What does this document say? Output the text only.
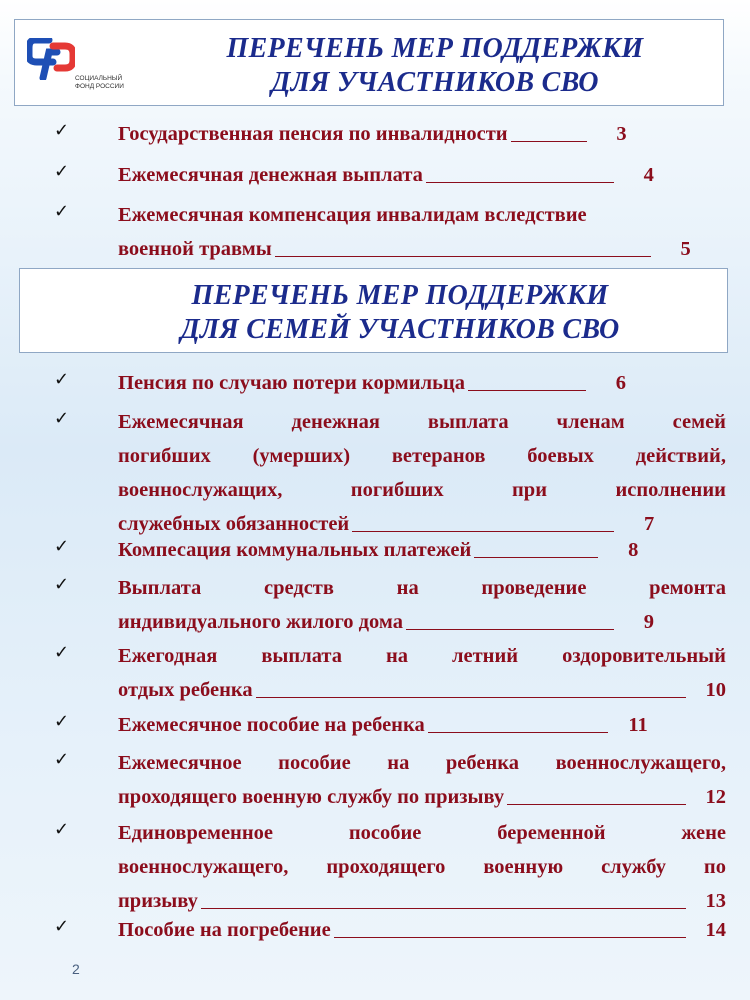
СОЦИАЛЬНЫЙ
ФОНД РОССИИ
ПЕРЕЧЕНЬ МЕР ПОДДЕРЖКИ
ДЛЯ УЧАСТНИКОВ СВО
✓ Государственная пенсия по инвалидности	3
✓ Ежемесячная денежная выплата	4
✓ Ежемесячная компенсация инвалидам вследствие
военной травмы	5
ПЕРЕЧЕНЬ МЕР ПОДДЕРЖКИ
ДЛЯ СЕМЕЙ УЧАСТНИКОВ СВО
✓ Пенсия по случаю потери кормильца	6
✓ Ежемесячная денежная выплата членам семей
погибших (умерших) ветеранов боевых действий,
военнослужащих, погибших при исполнении
служебных обязанностей	7
✓ Компесация коммунальных платежей	8
✓ Выплата средств на проведение ремонта
индивидуального жилого дома	9
✓ Ежегодная выплата на летний оздоровительный
отдых ребенка	10
✓ Ежемесячное пособие на ребенка	11
✓ Ежемесячное пособие на ребенка военнослужащего,
проходящего военную службу по призыву	12
✓ Единовременное пособие беременной жене
военнослужащего, проходящего военную службу по
призыву	13
✓ Пособие на погребение	14
2
